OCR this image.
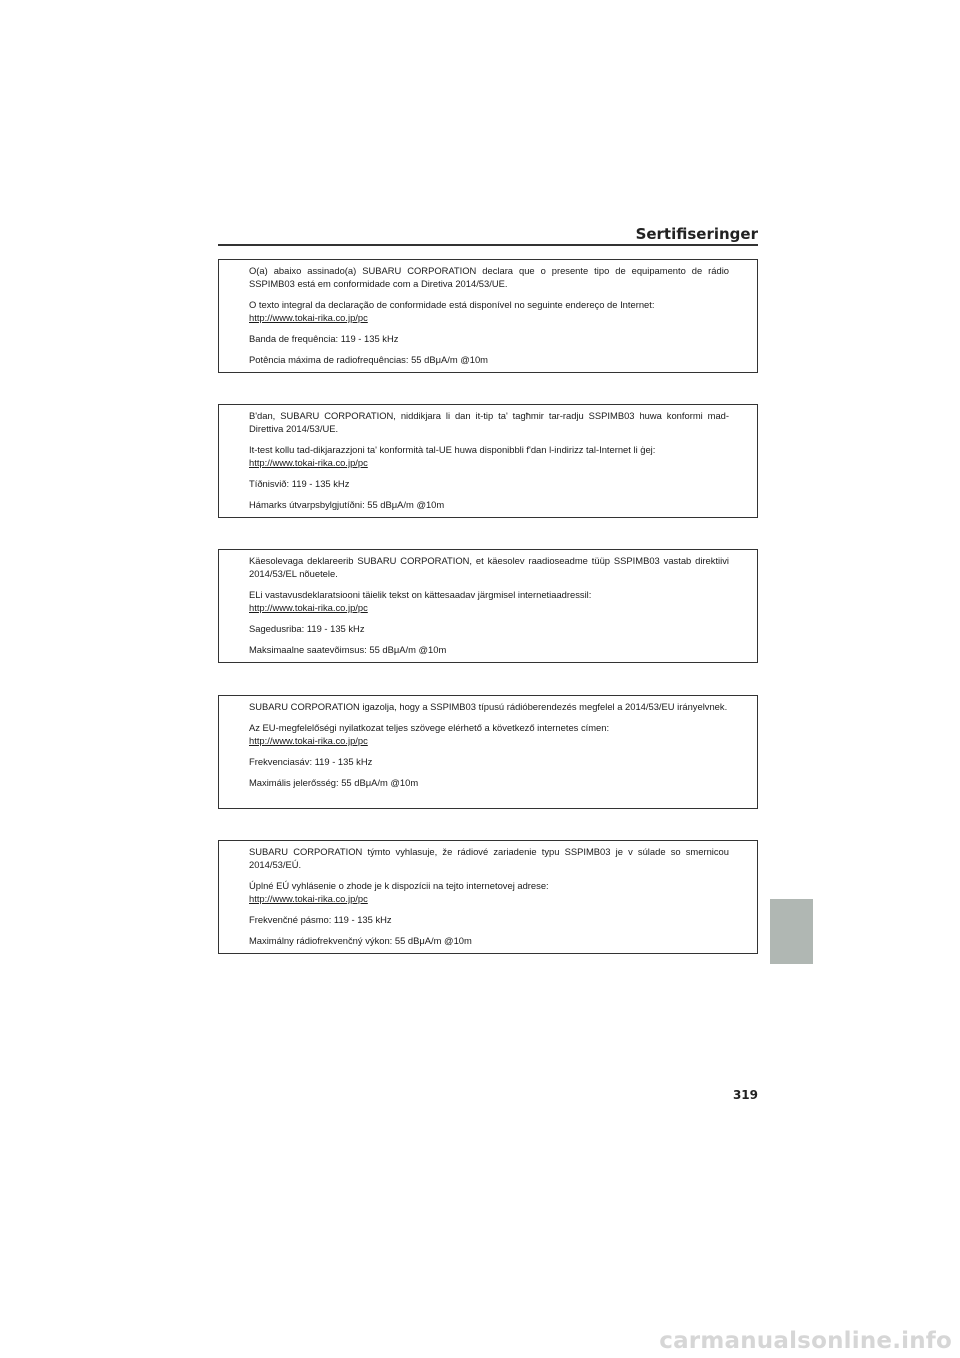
Sertifiseringer

O(a) abaixo assinado(a) SUBARU CORPORATION declara que o presente tipo de equipamento de rádio SSPIMB03 está em conformidade com a Diretiva 2014/53/UE.

O texto integral da declaração de conformidade está disponível no seguinte endereço de Internet:

http://www.tokai-rika.co.jp/pc

Banda de frequência: 119 - 135 kHz

Potência máxima de radiofrequências: 55 dBμA/m @10m

B'dan, SUBARU CORPORATION, niddikjara li dan it-tip ta' tagħmir tar-radju SSPIMB03 huwa konformi mad-Direttiva 2014/53/UE.

It-test kollu tad-dikjarazzjoni ta' konformità tal-UE huwa disponibbli f'dan l-indirizz tal-Internet li ġej:

http://www.tokai-rika.co.jp/pc

Tíðnisvið: 119 - 135 kHz

Hámarks útvarpsbylgjutíðni: 55 dBμA/m @10m

Käesolevaga deklareerib SUBARU CORPORATION, et käesolev raadioseadme tüüp SSPIMB03 vastab direktiivi 2014/53/EL nõuetele.

ELi vastavusdeklaratsiooni täielik tekst on kättesaadav järgmisel internetiaadressil:

http://www.tokai-rika.co.jp/pc

Sagedusriba: 119 - 135 kHz

Maksimaalne saatevõimsus: 55 dBμA/m @10m

SUBARU CORPORATION igazolja, hogy a SSPIMB03 típusú rádióberendezés megfelel a 2014/53/EU irányelvnek.

Az EU-megfelelőségi nyilatkozat teljes szövege elérhető a következő internetes címen:

http://www.tokai-rika.co.jp/pc

Frekvenciasáv: 119 - 135 kHz

Maximális jelerősség: 55 dBμA/m @10m

SUBARU CORPORATION týmto vyhlasuje, že rádiové zariadenie typu SSPIMB03 je v súlade so smernicou 2014/53/EÚ.

Úplné EÚ vyhlásenie o zhode je k dispozícii na tejto internetovej adrese:

http://www.tokai-rika.co.jp/pc

Frekvenčné pásmo: 119 - 135 kHz

Maximálny rádiofrekvenčný výkon: 55 dBμA/m @10m

319
carmanualsonline.info
